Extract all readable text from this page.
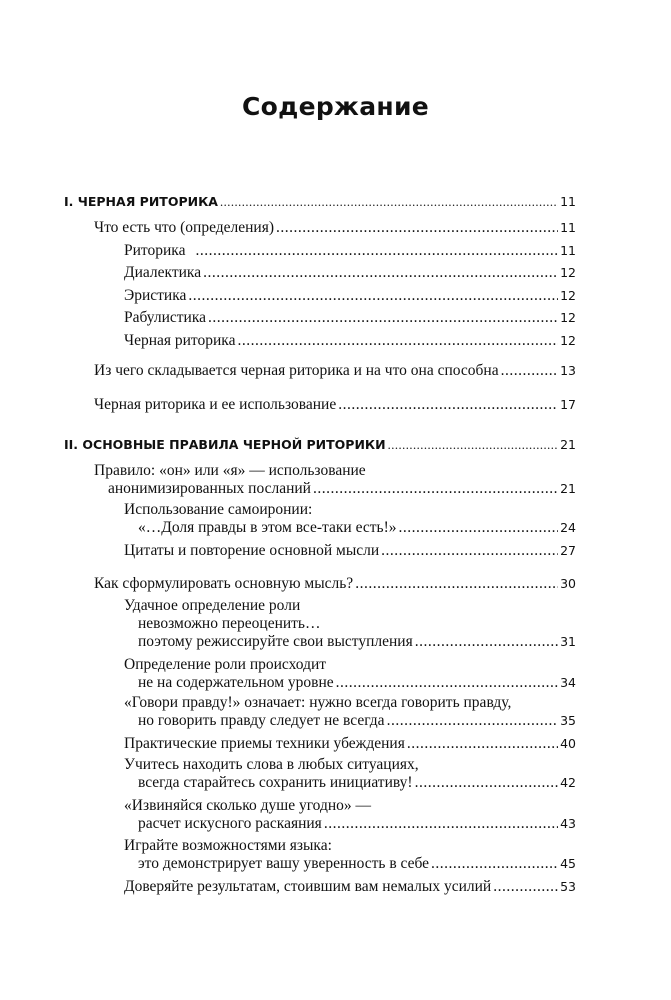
Содержание
I. ЧЕРНАЯ РИТОРИКА .....	11
Что есть что (определения) .....	11
Риторика .....	11
Диалектика .....	12
Эристика .....	12
Рабулистика .....	12
Черная риторика .....	12
Из чего складывается черная риторика и на что она способна .....	13
Черная риторика и ее использование .....	17
II. ОСНОВНЫЕ ПРАВИЛА ЧЕРНОЙ РИТОРИКИ .....	21
Правило: «он» или «я» — использование
анонимизированных посланий .....	21
Использование самоиронии:
«…Доля правды в этом все-таки есть!» .....	24
Цитаты и повторение основной мысли .....	27
Как сформулировать основную мысль? .....	30
Удачное определение роли
невозможно переоценить…
поэтому режиссируйте свои выступления .....	31
Определение роли происходит
не на содержательном уровне .....	34
«Говори правду!» означает: нужно всегда говорить правду,
но говорить правду следует не всегда .....	35
Практические приемы техники убеждения .....	40
Учитесь находить слова в любых ситуациях,
всегда старайтесь сохранить инициативу! .....	42
«Извиняйся сколько душе угодно» —
расчет искусного раскаяния .....	43
Играйте возможностями языка:
это демонстрирует вашу уверенность в себе .....	45
Доверяйте результатам, стоившим вам немалых усилий .....	53
